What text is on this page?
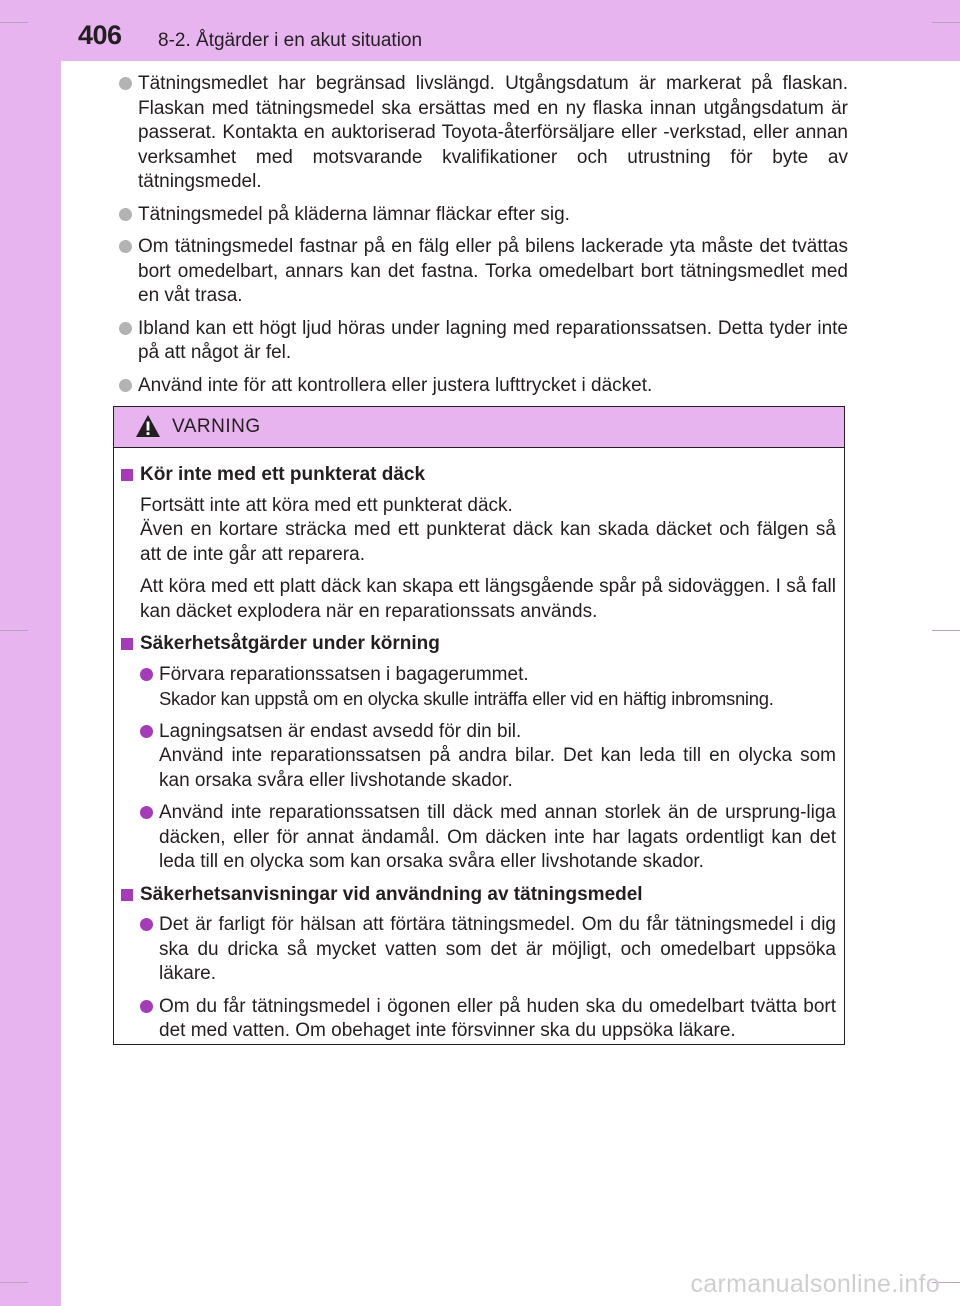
406 8-2. Åtgärder i en akut situation
Tätningsmedlet har begränsad livslängd. Utgångsdatum är markerat på flaskan. Flaskan med tätningsmedel ska ersättas med en ny flaska innan utgångsdatum är passerat. Kontakta en auktoriserad Toyota-återförsäljare eller -verkstad, eller annan verksamhet med motsvarande kvalifikationer och utrustning för byte av tätningsmedel.
Tätningsmedel på kläderna lämnar fläckar efter sig.
Om tätningsmedel fastnar på en fälg eller på bilens lackerade yta måste det tvättas bort omedelbart, annars kan det fastna. Torka omedelbart bort tätningsmedlet med en våt trasa.
Ibland kan ett högt ljud höras under lagning med reparationssatsen. Detta tyder inte på att något är fel.
Använd inte för att kontrollera eller justera lufttrycket i däcket.
VARNING
Kör inte med ett punkterat däck
Fortsätt inte att köra med ett punkterat däck.
Även en kortare sträcka med ett punkterat däck kan skada däcket och fälgen så att de inte går att reparera.
Att köra med ett platt däck kan skapa ett längsgående spår på sidoväggen. I så fall kan däcket explodera när en reparationssats används.
Säkerhetsåtgärder under körning
Förvara reparationssatsen i bagagerummet.
Skador kan uppstå om en olycka skulle inträffa eller vid en häftig inbromsning.
Lagningsatsen är endast avsedd för din bil.
Använd inte reparationssatsen på andra bilar. Det kan leda till en olycka som kan orsaka svåra eller livshotande skador.
Använd inte reparationssatsen till däck med annan storlek än de ursprung-liga däcken, eller för annat ändamål. Om däcken inte har lagats ordentligt kan det leda till en olycka som kan orsaka svåra eller livshotande skador.
Säkerhetsanvisningar vid användning av tätningsmedel
Det är farligt för hälsan att förtära tätningsmedel. Om du får tätningsmedel i dig ska du dricka så mycket vatten som det är möjligt, och omedelbart uppsöka läkare.
Om du får tätningsmedel i ögonen eller på huden ska du omedelbart tvätta bort det med vatten. Om obehaget inte försvinner ska du uppsöka läkare.
carmanualsonline.info
